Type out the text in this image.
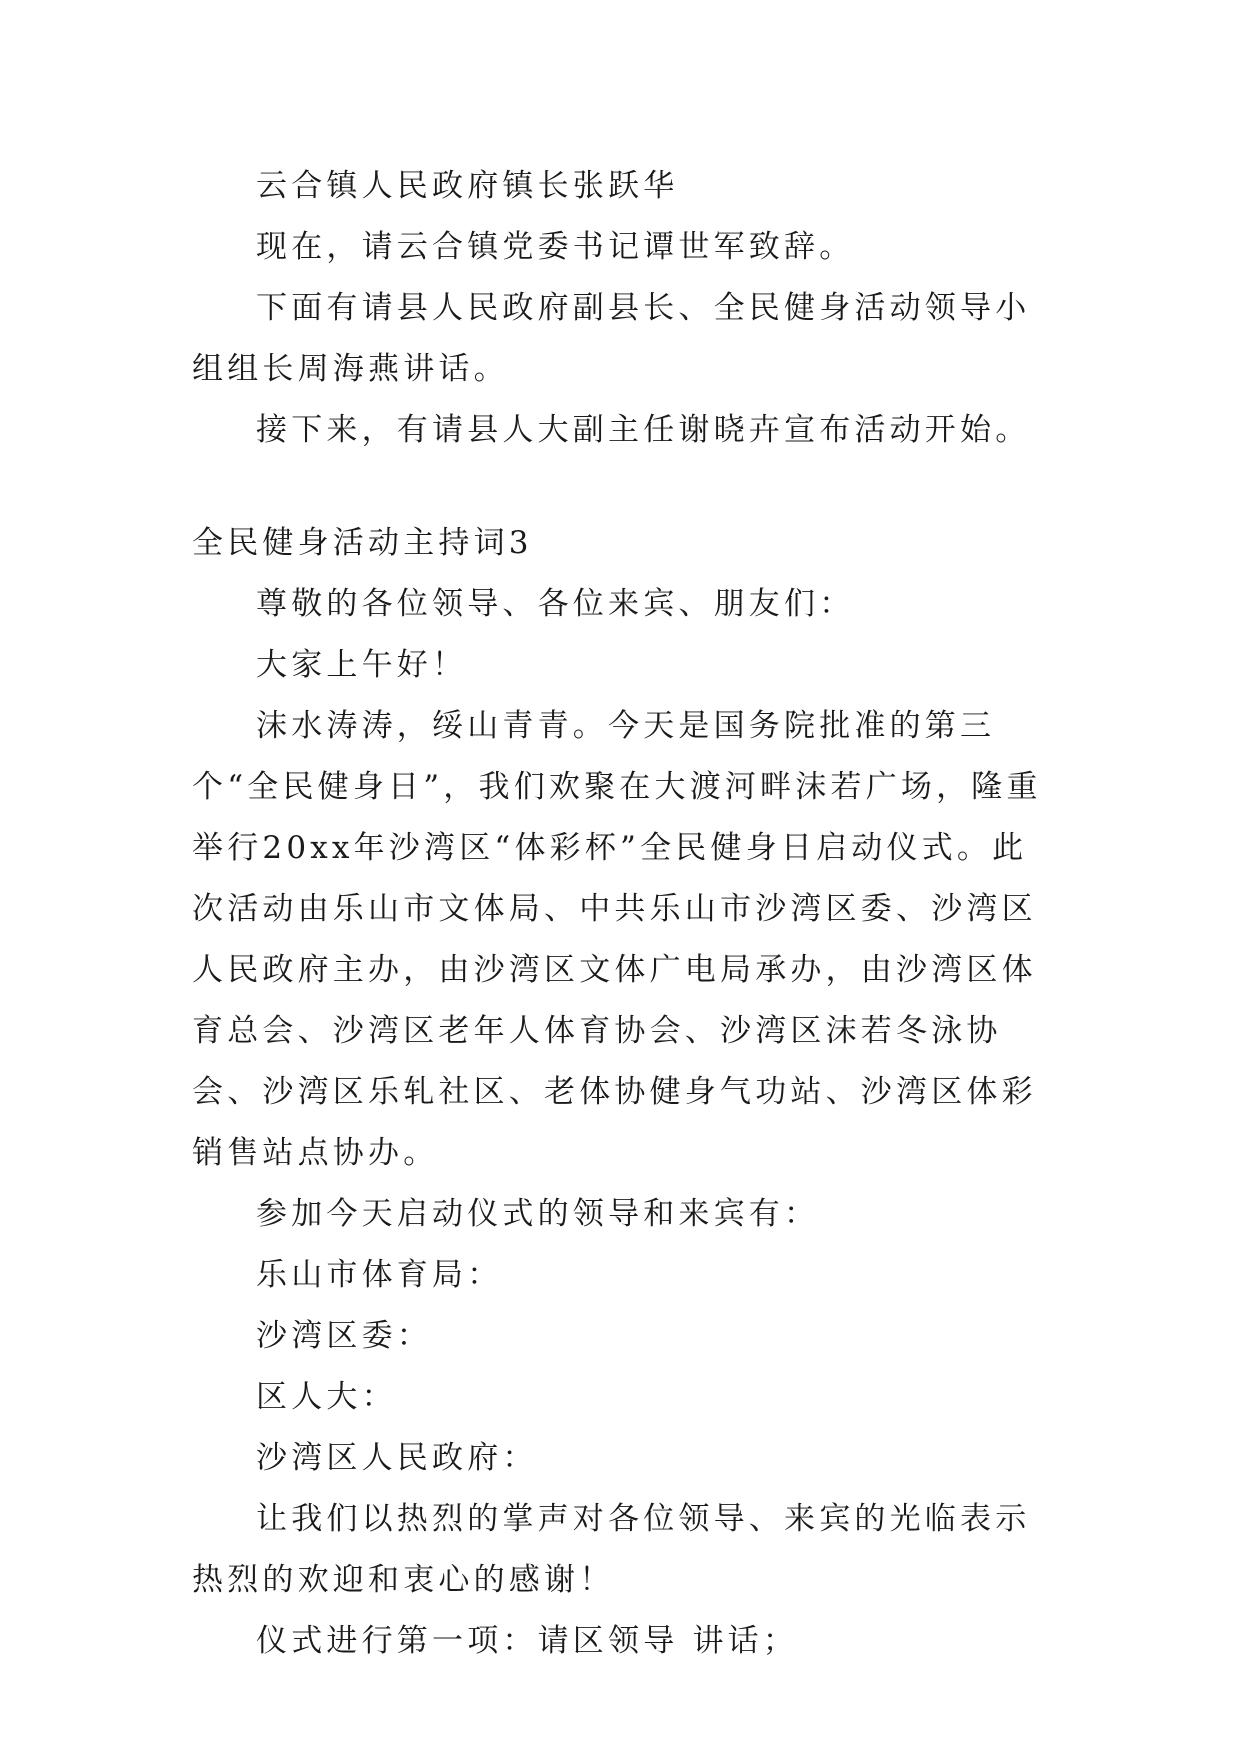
云合镇人民政府镇长张跃华

现在，请云合镇党委书记谭世军致辞。

下面有请县人民政府副县长、全民健身活动领导小组组长周海燕讲话。

接下来，有请县人大副主任谢晓卉宣布活动开始。

全民健身活动主持词3

尊敬的各位领导、各位来宾、朋友们：

大家上午好！

沫水涛涛，绥山青青。今天是国务院批准的第三个“全民健身日”，我们欢聚在大渡河畔沫若广场，隆重举行20xx年沙湾区“体彩杯”全民健身日启动仪式。此次活动由乐山市文体局、中共乐山市沙湾区委、沙湾区人民政府主办，由沙湾区文体广电局承办，由沙湾区体育总会、沙湾区老年人体育协会、沙湾区沫若冬泳协会、沙湾区乐轧社区、老体协健身气功站、沙湾区体彩销售站点协办。

参加今天启动仪式的领导和来宾有：

乐山市体育局：

沙湾区委：

区人大：

沙湾区人民政府：

让我们以热烈的掌声对各位领导、来宾的光临表示热烈的欢迎和衷心的感谢！

仪式进行第一项：请区领导 讲话；
